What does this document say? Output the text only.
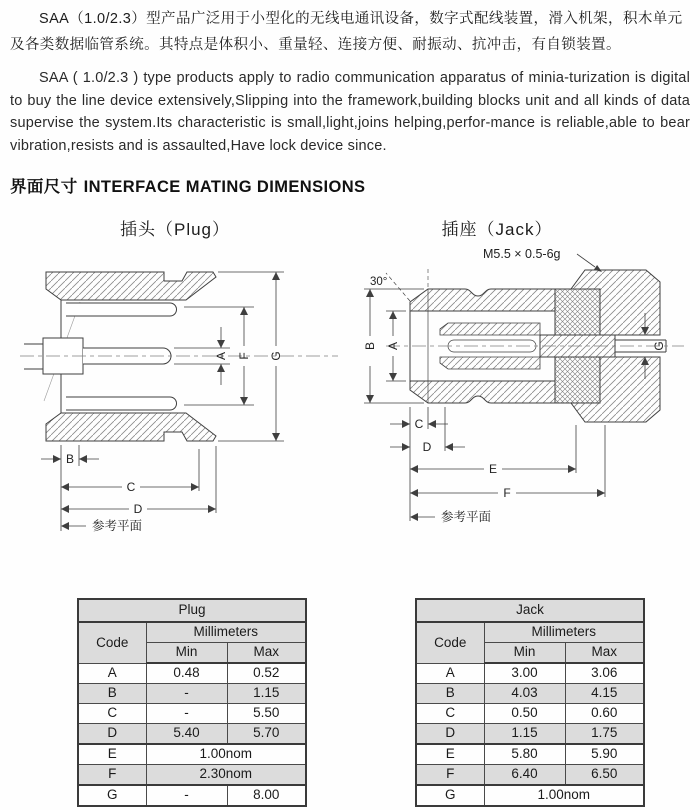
SAA（1.0/2.3）型产品广泛用于小型化的无线电通讯设备，数字式配线装置，滑入机架，积木单元及各类数据临管系统。其特点是体积小、重量轻、连接方便、耐振动、抗冲击，有自锁装置。

SAA ( 1.0/2.3 ) type products apply to radio communication apparatus of minia-turization is digital to buy the line device extensively,Slipping into the framework,building blocks unit and all kinds of data supervise the system.Its characteristic is small,light,joins helping,perfor-mance is reliable,able to bear vibration,resists and is assaulted,Have lock device since.

界面尺寸 INTERFACE MATING DIMENSIONS
插头（Plug）
A F G
B
C
D
参考平面
插座（Jack）
M5.5 × 0.5-6g
30°
B A	G
C
D
E
F
参考平面
Plug		
Code	Millimeters	
	Min	Max
A	0.48	0.52
B	-	1.15
C	-	5.50
D	5.40	5.70
E	1.00nom	
F	2.30nom	
G	-	8.00
Jack		
Code	Millimeters	
	Min	Max
A	3.00	3.06
B	4.03	4.15
C	0.50	0.60
D	1.15	1.75
E	5.80	5.90
F	6.40	6.50
G	1.00nom	
